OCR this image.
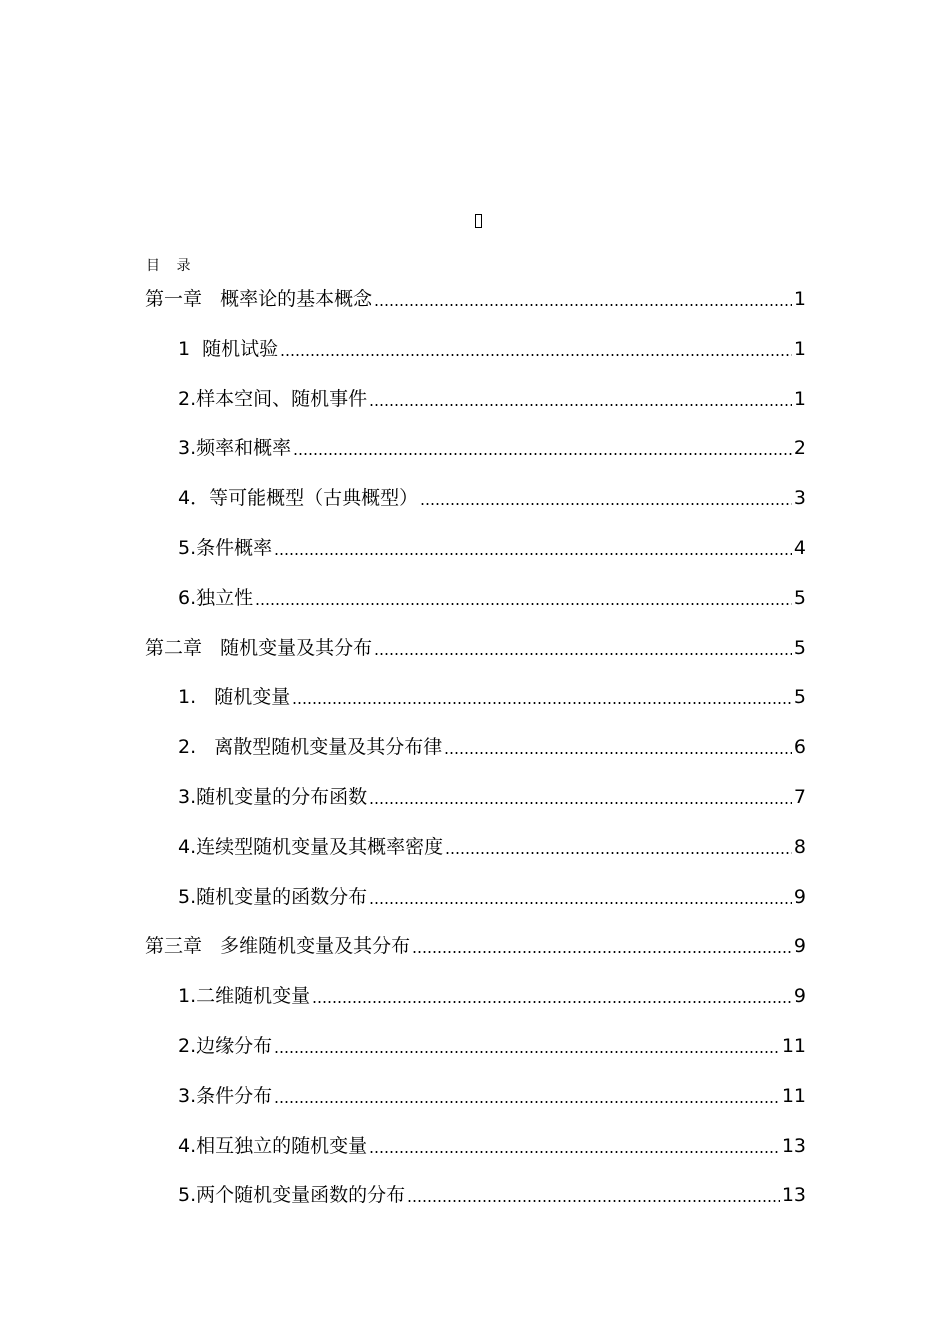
目 录
第一章   概率论的基本概念	1
1  随机试验	1
2.样本空间、随机事件	1
3.频率和概率	2
4．等可能概型（古典概型）	3
5.条件概率	4
6.独立性	5
第二章   随机变量及其分布	5
1.   随机变量	5
2.   离散型随机变量及其分布律	6
3.随机变量的分布函数	7
4.连续型随机变量及其概率密度	8
5.随机变量的函数分布	9
第三章   多维随机变量及其分布	9
1.二维随机变量	9
2.边缘分布	11
3.条件分布	11
4.相互独立的随机变量	13
5.两个随机变量函数的分布	13
